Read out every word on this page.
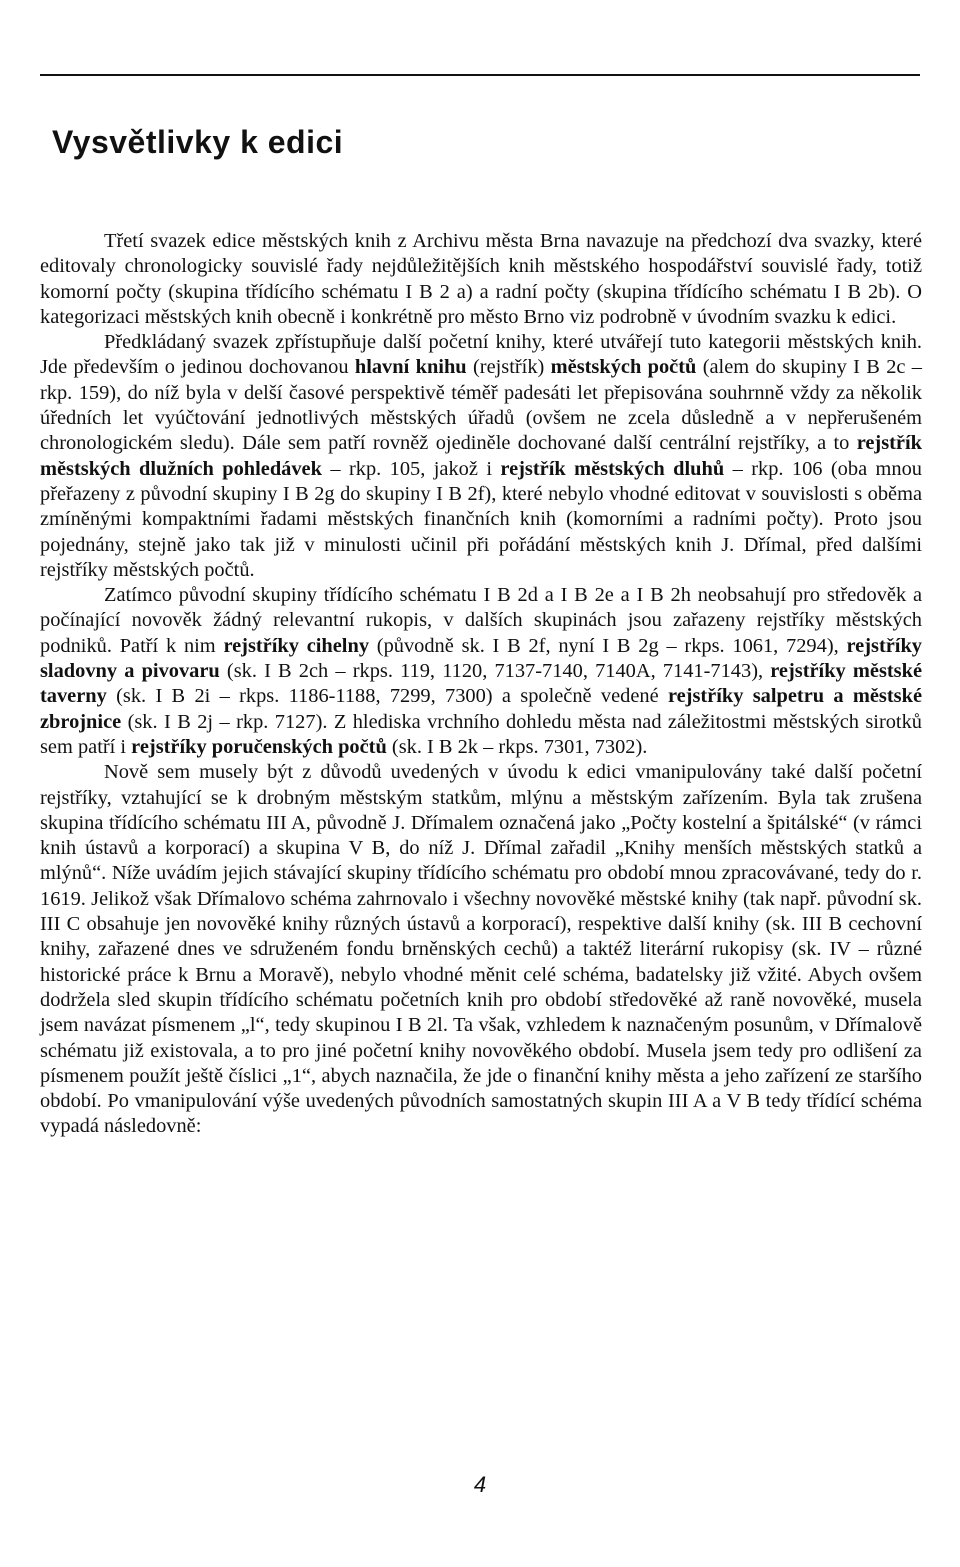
Vysvětlivky k edici

Třetí svazek edice městských knih z Archivu města Brna navazuje na předchozí dva svazky, které editovaly chronologicky souvislé řady nejdůležitějších knih městského hospodářství souvislé řady, totiž komorní počty (skupina třídícího schématu I B 2 a) a radní počty (skupina třídícího schématu I B 2b). O kategorizaci městských knih obecně i konkrétně pro město Brno viz podrobně v úvodním svazku k edici.

Předkládaný svazek zpřístupňuje další početní knihy, které utvářejí tuto kategorii městských knih. Jde především o jedinou dochovanou hlavní knihu (rejstřík) městských počtů (alem do skupiny I B 2c – rkp. 159), do níž byla v delší časové perspektivě téměř padesáti let přepisována souhrnně vždy za několik úředních let vyúčtování jednotlivých městských úřadů (ovšem ne zcela důsledně a v nepřerušeném chronologickém sledu). Dále sem patří rovněž ojediněle dochované další centrální rejstříky, a to rejstřík městských dlužních pohledávek – rkp. 105, jakož i rejstřík městských dluhů – rkp. 106 (oba mnou přeřazeny z původní skupiny I B 2g do skupiny I B 2f), které nebylo vhodné editovat v souvislosti s oběma zmíněnými kompaktními řadami městských finančních knih (komorními a radními počty). Proto jsou pojednány, stejně jako tak již v minulosti učinil při pořádání městských knih J. Dřímal, před dalšími rejstříky městských počtů.

Zatímco původní skupiny třídícího schématu I B 2d a I B 2e a I B 2h neobsahují pro středověk a počínající novověk žádný relevantní rukopis, v dalších skupinách jsou zařazeny rejstříky městských podniků. Patří k nim rejstříky cihelny (původně sk. I B 2f, nyní I B 2g – rkps. 1061, 7294), rejstříky sladovny a pivovaru (sk. I B 2ch – rkps. 119, 1120, 7137-7140, 7140A, 7141-7143), rejstříky městské taverny (sk. I B 2i – rkps. 1186-1188, 7299, 7300) a společně vedené rejstříky salpetru a městské zbrojnice (sk. I B 2j – rkp. 7127). Z hlediska vrchního dohledu města nad záležitostmi městských sirotků sem patří i rejstříky poručenských počtů (sk. I B 2k – rkps. 7301, 7302).

Nově sem musely být z důvodů uvedených v úvodu k edici vmanipulovány také další početní rejstříky, vztahující se k drobným městským statkům, mlýnu a městským zařízením. Byla tak zrušena skupina třídícího schématu III A, původně J. Dřímalem označená jako „Počty kostelní a špitálské“ (v rámci knih ústavů a korporací) a skupina V B, do níž J. Dřímal zařadil „Knihy menších městských statků a mlýnů“. Níže uvádím jejich stávající skupiny třídícího schématu pro období mnou zpracovávané, tedy do r. 1619. Jelikož však Dřímalovo schéma zahrnovalo i všechny novověké městské knihy (tak např. původní sk. III C obsahuje jen novověké knihy různých ústavů a korporací), respektive další knihy (sk. III B cechovní knihy, zařazené dnes ve sdruženém fondu brněnských cechů) a taktéž literární rukopisy (sk. IV – různé historické práce k Brnu a Moravě), nebylo vhodné měnit celé schéma, badatelsky již vžité. Abych ovšem dodržela sled skupin třídícího schématu početních knih pro období středověké až raně novověké, musela jsem navázat písmenem „l“, tedy skupinou I B 2l. Ta však, vzhledem k naznačeným posunům, v Dřímalově schématu již existovala, a to pro jiné početní knihy novověkého období. Musela jsem tedy pro odlišení za písmenem použít ještě číslici „1“, abych naznačila, že jde o finanční knihy města a jeho zařízení ze staršího období. Po vmanipulování výše uvedených původních samostatných skupin III A a V B tedy třídící schéma vypadá následovně:

4
